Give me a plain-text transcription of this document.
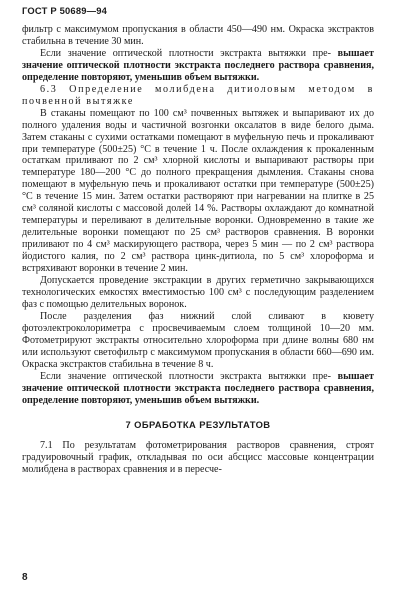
ГОСТ Р 50689—94

фильтр с максимумом пропускания в области 450—490 нм. Окраска экстрактов стабильна в течение 30 мин.

Если значение оптической плотности экстракта вытяжки пре- вышает значение оптической плотности экстракта последнего раствора сравнения, определение повторяют, уменьшив объем вытяжки.

6.3 Определение молибдена дитиоловым методом в почвенной вытяжке

В стаканы помещают по 100 см³ почвенных вытяжек и выпаривают их до полного удаления воды и частичной возгонки оксалатов в виде белого дыма. Затем стаканы с сухими остатками помещают в муфельную печь и прокаливают при температуре (500±25) °С в течение 1 ч. После охлаждения к прокаленным остаткам приливают по 2 см³ хлорной кислоты и выпаривают растворы при температуре 180—200 °С до полного прекращения дымления. Стаканы снова помещают в муфельную печь и прокаливают остатки при температуре (500±25) °С в течение 15 мин. Затем остатки растворяют при нагревании на плитке в 25 см³ соляной кислоты с массовой долей 14 %. Растворы охлаждают до комнатной температуры и переливают в делительные воронки. Одновременно в такие же делительные воронки помещают по 25 см³ растворов сравнения. В воронки приливают по 4 см³ маскирующего раствора, через 5 мин — по 2 см³ раствора йодистого калия, по 2 см³ раствора цинк-дитиола, по 5 см³ хлороформа и встряхивают воронки в течение 2 мин.

Допускается проведение экстракции в других герметично закрывающихся технологических емкостях вместимостью 100 см³ с последующим разделением фаз с помощью делительных воронок.

После разделения фаз нижний слой сливают в кювету фотоэлектроколориметра с просвечиваемым слоем толщиной 10—20 мм. Фотометрируют экстракты относительно хлороформа при длине волны 680 нм или используют светофильтр с максимумом пропускания в области 660—690 им. Окраска экстрактов стабильна в течение 8 ч.

Если значение оптической плотности экстракта вытяжки пре- вышает значение оптической плотности экстракта последнего раствора сравнения, определение повторяют, уменьшив объем вытяжки.

7 ОБРАБОТКА РЕЗУЛЬТАТОВ

7.1 По результатам фотометрирования растворов сравнения, строят градуировочный график, откладывая по оси абсцисс массовые концентрации молибдена в растворах сравнения и в пересче-

8
